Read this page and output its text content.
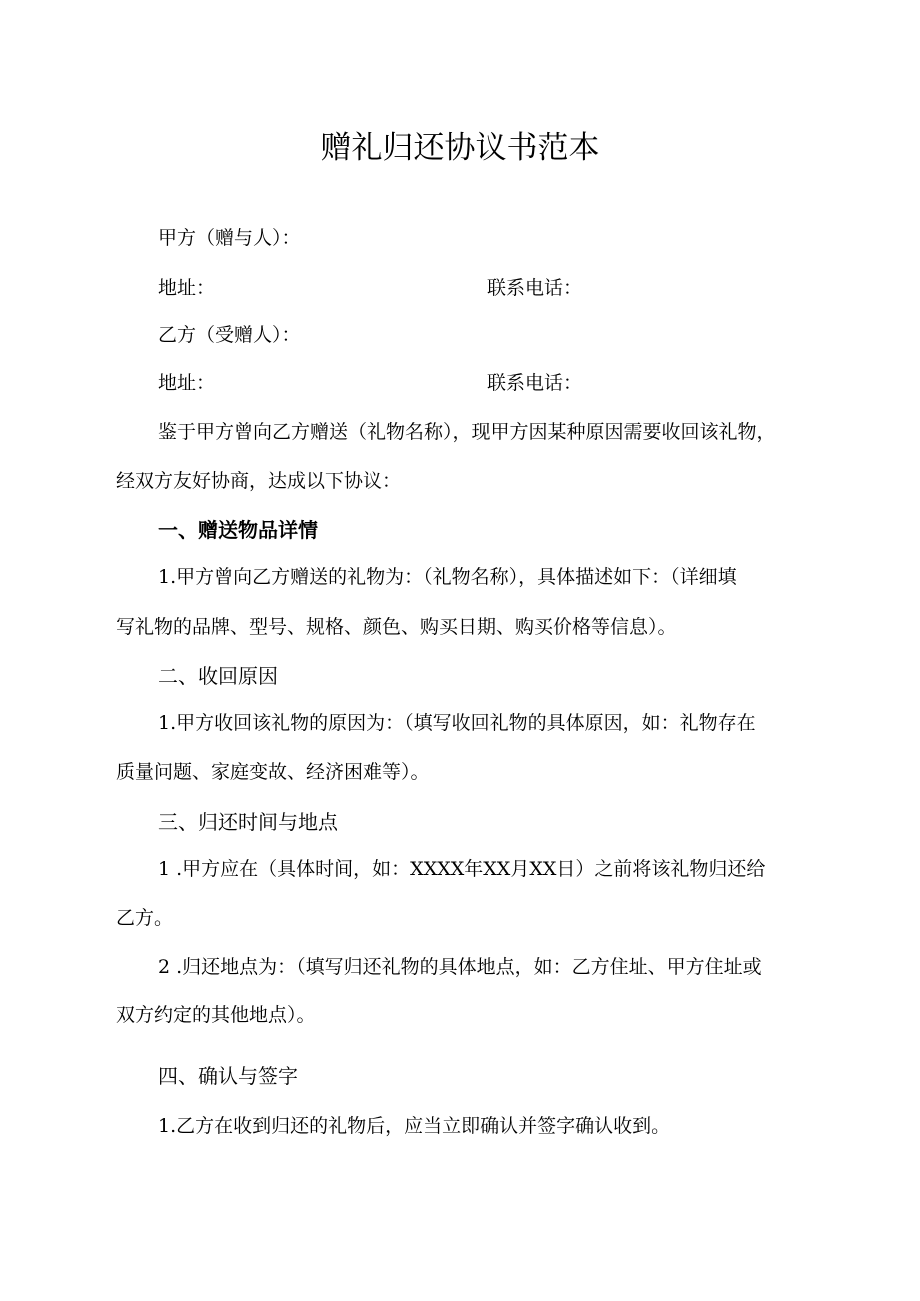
赠礼归还协议书范本
甲方（赠与人）：
地址：	联系电话：
乙方（受赠人）：
地址：	联系电话：
鉴于甲方曾向乙方赠送（礼物名称），现甲方因某种原因需要收回该礼物，
经双方友好协商，达成以下协议：
一、赠送物品详情
1.甲方曾向乙方赠送的礼物为：（礼物名称），具体描述如下：（详细填
写礼物的品牌、型号、规格、颜色、购买日期、购买价格等信息）。
二、收回原因
1.甲方收回该礼物的原因为：（填写收回礼物的具体原因，如：礼物存在
质量问题、家庭变故、经济困难等）。
三、归还时间与地点
1 .甲方应在（具体时间，如：XXXX年XX月XX日）之前将该礼物归还给
乙方。
2 .归还地点为：（填写归还礼物的具体地点，如：乙方住址、甲方住址或
双方约定的其他地点）。
四、确认与签字
1.乙方在收到归还的礼物后，应当立即确认并签字确认收到。
